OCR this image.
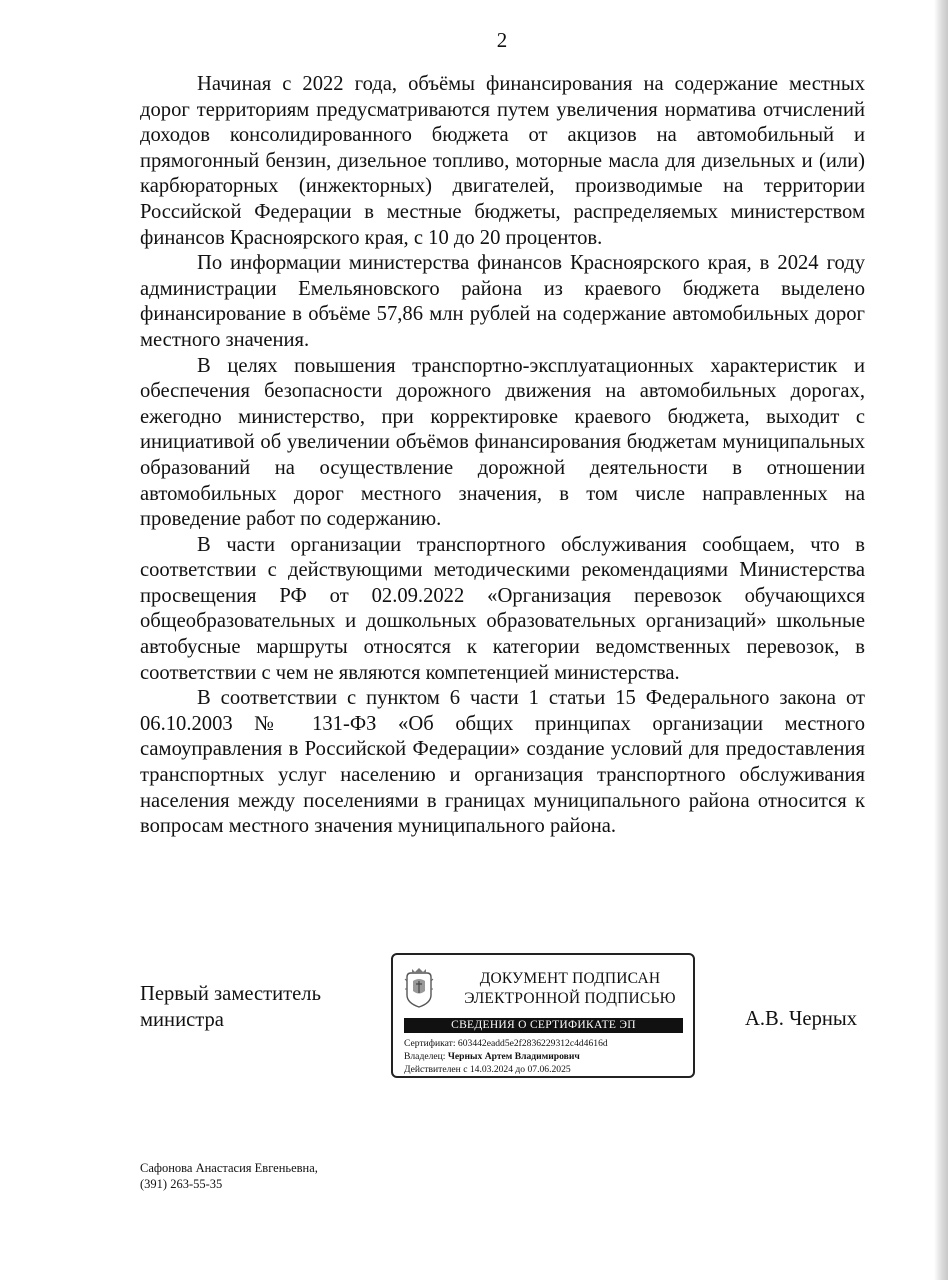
2

Начиная с 2022 года, объёмы финансирования на содержание местных дорог территориям предусматриваются путем увеличения норматива отчислений доходов консолидированного бюджета от акцизов на автомобильный и прямогонный бензин, дизельное топливо, моторные масла для дизельных и (или) карбюраторных (инжекторных) двигателей, производимые на территории Российской Федерации в местные бюджеты, распределяемых министерством финансов Красноярского края, с 10 до 20 процентов.

По информации министерства финансов Красноярского края, в 2024 году администрации Емельяновского района из краевого бюджета выделено финансирование в объёме 57,86 млн рублей на содержание автомобильных дорог местного значения.

В целях повышения транспортно-эксплуатационных характеристик и обеспечения безопасности дорожного движения на автомобильных дорогах, ежегодно министерство, при корректировке краевого бюджета, выходит с инициативой об увеличении объёмов финансирования бюджетам муниципальных образований на осуществление дорожной деятельности в отношении автомобильных дорог местного значения, в том числе направленных на проведение работ по содержанию.

В части организации транспортного обслуживания сообщаем, что в соответствии с действующими методическими рекомендациями Министерства просвещения РФ от 02.09.2022 «Организация перевозок обучающихся общеобразовательных и дошкольных образовательных организаций» школьные автобусные маршруты относятся к категории ведомственных перевозок, в соответствии с чем не являются компетенцией министерства.

В соответствии с пунктом 6 части 1 статьи 15 Федерального закона от 06.10.2003 № 131-ФЗ «Об общих принципах организации местного самоуправления в Российской Федерации» создание условий для предоставления транспортных услуг населению и организация транспортного обслуживания населения между поселениями в границах муниципального района относится к вопросам местного значения муниципального района.

Первый заместитель
министра
ДОКУМЕНТ ПОДПИСАН
ЭЛЕКТРОННОЙ ПОДПИСЬЮ
СВЕДЕНИЯ О СЕРТИФИКАТЕ ЭП
Сертификат: 603442eadd5e2f2836229312c4d4616d
Владелец: Черных Артем Владимирович
Действителен с 14.03.2024 до 07.06.2025
А.В. Черных
Сафонова Анастасия Евгеньевна,
(391) 263-55-35
